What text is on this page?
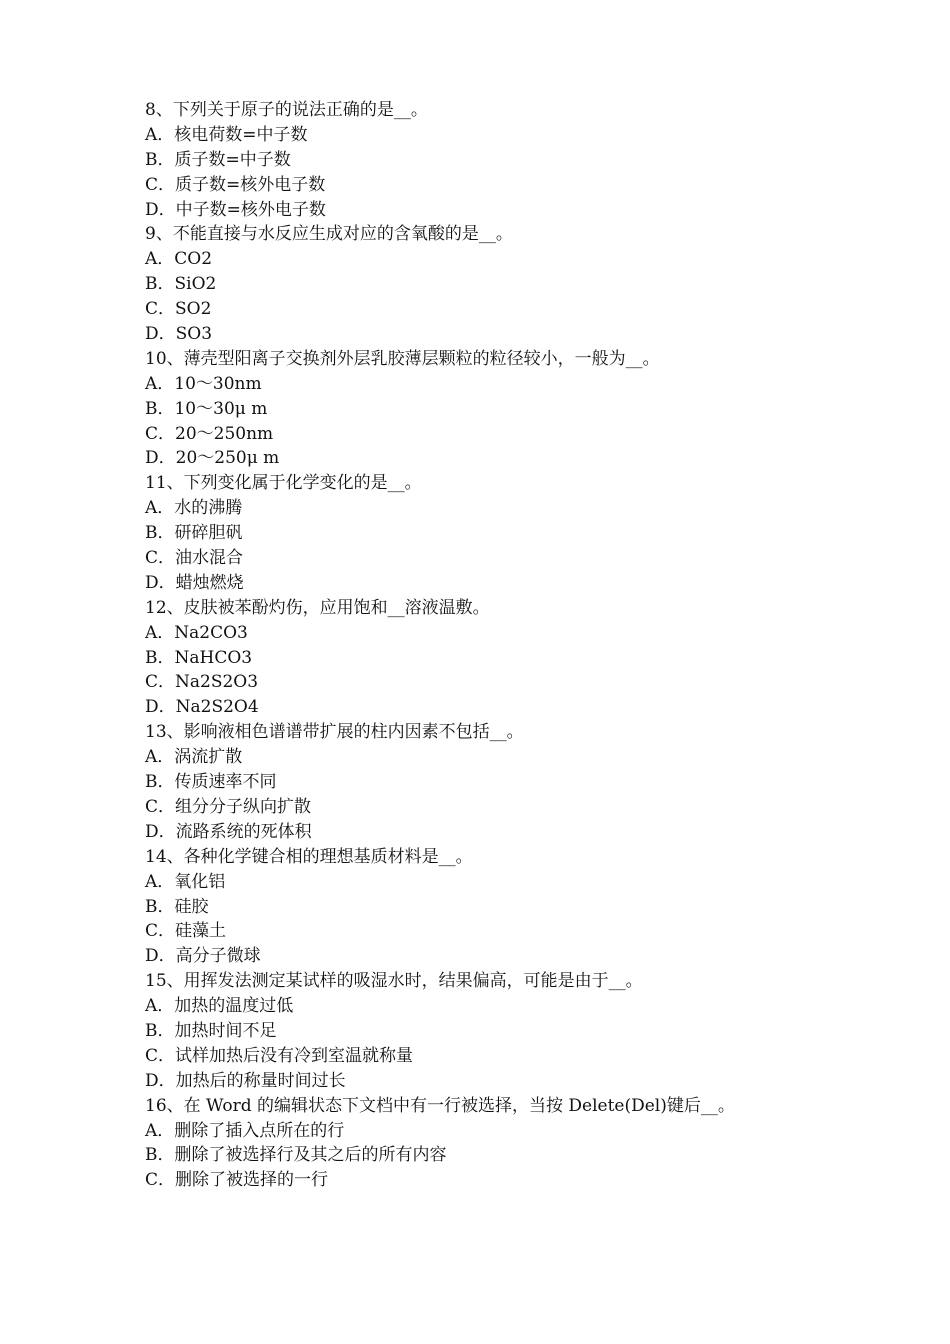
8、下列关于原子的说法正确的是__。
A．核电荷数=中子数
B．质子数=中子数
C．质子数=核外电子数
D．中子数=核外电子数
9、不能直接与水反应生成对应的含氧酸的是__。
A．CO2
B．SiO2
C．SO2
D．SO3
10、薄壳型阳离子交换剂外层乳胶薄层颗粒的粒径较小，一般为__。
A．10～30nm
B．10～30μ m
C．20～250nm
D．20～250μ m
11、下列变化属于化学变化的是__。
A．水的沸腾
B．研碎胆矾
C．油水混合
D．蜡烛燃烧
12、皮肤被苯酚灼伤，应用饱和__溶液温敷。
A．Na2CO3
B．NaHCO3
C．Na2S2O3
D．Na2S2O4
13、影响液相色谱谱带扩展的柱内因素不包括__。
A．涡流扩散
B．传质速率不同
C．组分分子纵向扩散
D．流路系统的死体积
14、各种化学键合相的理想基质材料是__。
A．氧化铝
B．硅胶
C．硅藻土
D．高分子微球
15、用挥发法测定某试样的吸湿水时，结果偏高，可能是由于__。
A．加热的温度过低
B．加热时间不足
C．试样加热后没有冷到室温就称量
D．加热后的称量时间过长
16、在 Word 的编辑状态下文档中有一行被选择，当按 Delete(Del)键后__。
A．删除了插入点所在的行
B．删除了被选择行及其之后的所有内容
C．删除了被选择的一行
